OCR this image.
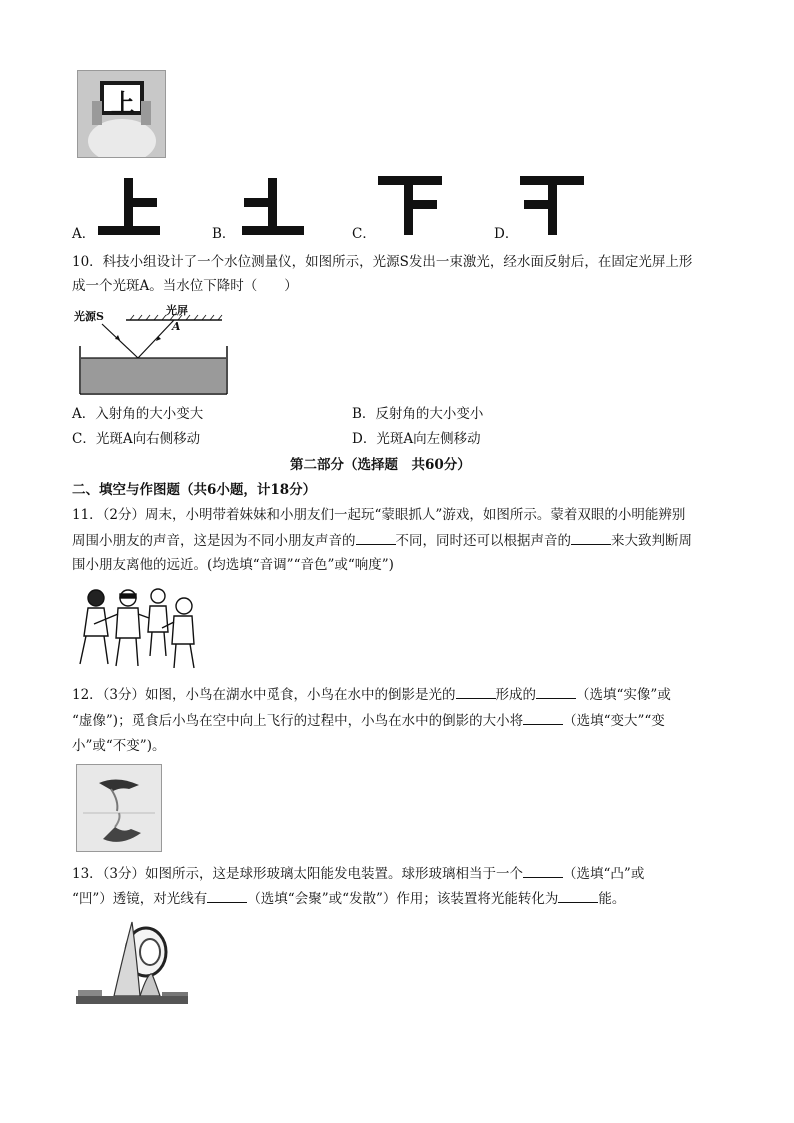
上
A．	B．	C．	D．
10．科技小组设计了一个水位测量仪，如图所示，光源S发出一束激光，经水面反射后，在固定光屏上形
成一个光斑A。当水位下降时（　　）
光源S	光屏
A
A．入射角的大小变大	B．反射角的大小变小
C．光斑A向右侧移动	D．光斑A向左侧移动
第二部分（选择题　共60分）
二、填空与作图题（共6小题，计18分）
11．（2分）周末，小明带着妹妹和小朋友们一起玩“蒙眼抓人”游戏，如图所示。蒙着双眼的小明能辨别
周围小朋友的声音，这是因为不同小朋友声音的	不同，同时还可以根据声音的	来大致判断周
围小朋友离他的远近。(均选填“音调”“音色”或“响度”)
12．（3分）如图，小鸟在湖水中觅食，小鸟在水中的倒影是光的	形成的	（选填“实像”或
“虚像”)；觅食后小鸟在空中向上飞行的过程中，小鸟在水中的倒影的大小将	（选填“变大”“变
小”或“不变”)。
13．（3分）如图所示，这是球形玻璃太阳能发电装置。球形玻璃相当于一个	（选填“凸”或
“凹”）透镜，对光线有	（选填“会聚”或“发散”）作用；该装置将光能转化为	能。
